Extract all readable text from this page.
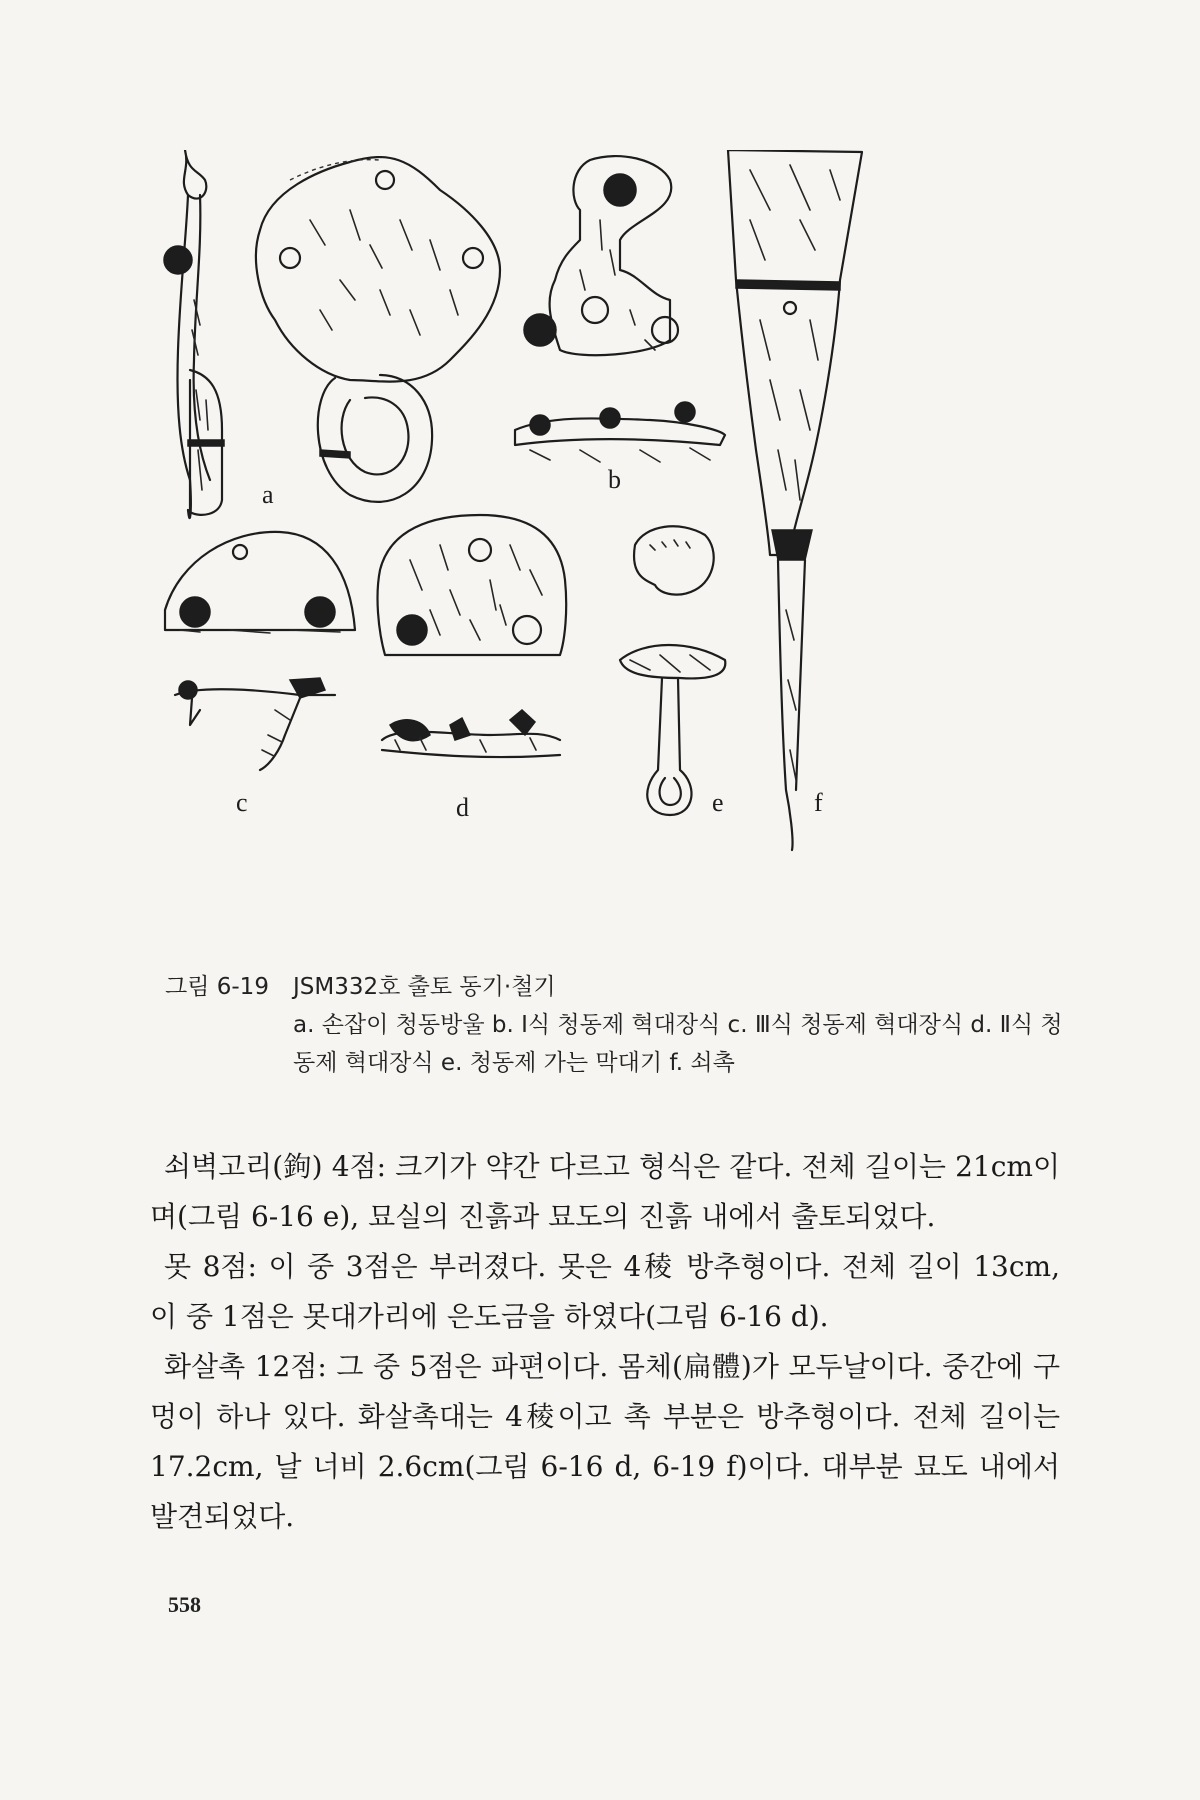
a
b
c	d	e	f
그림 6-19	JSM332호 출토 동기·철기
a. 손잡이 청동방울 b. Ⅰ식 청동제 혁대장식 c. Ⅲ식 청동제 혁대장식 d. Ⅱ식 청동제 혁대장식 e. 청동제 가는 막대기 f. 쇠촉

쇠벽고리(鉤) 4점: 크기가 약간 다르고 형식은 같다. 전체 길이는 21cm이며(그림 6-16 e), 묘실의 진흙과 묘도의 진흙 내에서 출토되었다.

못 8점: 이 중 3점은 부러졌다. 못은 4稜 방추형이다. 전체 길이 13cm, 이 중 1점은 못대가리에 은도금을 하였다(그림 6-16 d).

화살촉 12점: 그 중 5점은 파편이다. 몸체(扁體)가 모두날이다. 중간에 구멍이 하나 있다. 화살촉대는 4稜이고 촉 부분은 방추형이다. 전체 길이는 17.2cm, 날 너비 2.6cm(그림 6-16 d, 6-19 f)이다. 대부분 묘도 내에서 발견되었다.

558
